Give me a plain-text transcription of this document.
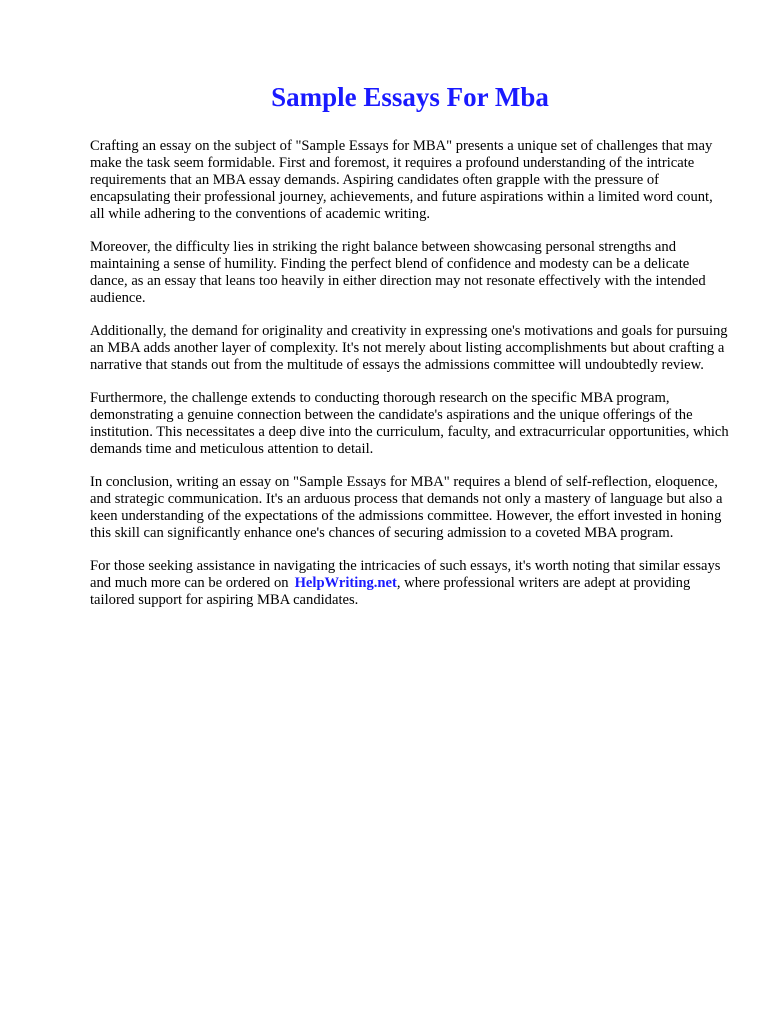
Sample Essays For Mba

Crafting an essay on the subject of "Sample Essays for MBA" presents a unique set of challenges that may make the task seem formidable. First and foremost, it requires a profound understanding of the intricate requirements that an MBA essay demands. Aspiring candidates often grapple with the pressure of encapsulating their professional journey, achievements, and future aspirations within a limited word count, all while adhering to the conventions of academic writing.

Moreover, the difficulty lies in striking the right balance between showcasing personal strengths and maintaining a sense of humility. Finding the perfect blend of confidence and modesty can be a delicate dance, as an essay that leans too heavily in either direction may not resonate effectively with the intended audience.

Additionally, the demand for originality and creativity in expressing one's motivations and goals for pursuing an MBA adds another layer of complexity. It's not merely about listing accomplishments but about crafting a narrative that stands out from the multitude of essays the admissions committee will undoubtedly review.

Furthermore, the challenge extends to conducting thorough research on the specific MBA program, demonstrating a genuine connection between the candidate's aspirations and the unique offerings of the institution. This necessitates a deep dive into the curriculum, faculty, and extracurricular opportunities, which demands time and meticulous attention to detail.

In conclusion, writing an essay on "Sample Essays for MBA" requires a blend of self-reflection, eloquence, and strategic communication. It's an arduous process that demands not only a mastery of language but also a keen understanding of the expectations of the admissions committee. However, the effort invested in honing this skill can significantly enhance one's chances of securing admission to a coveted MBA program.

For those seeking assistance in navigating the intricacies of such essays, it's worth noting that similar essays and much more can be ordered on HelpWriting.net, where professional writers are adept at providing tailored support for aspiring MBA candidates.
